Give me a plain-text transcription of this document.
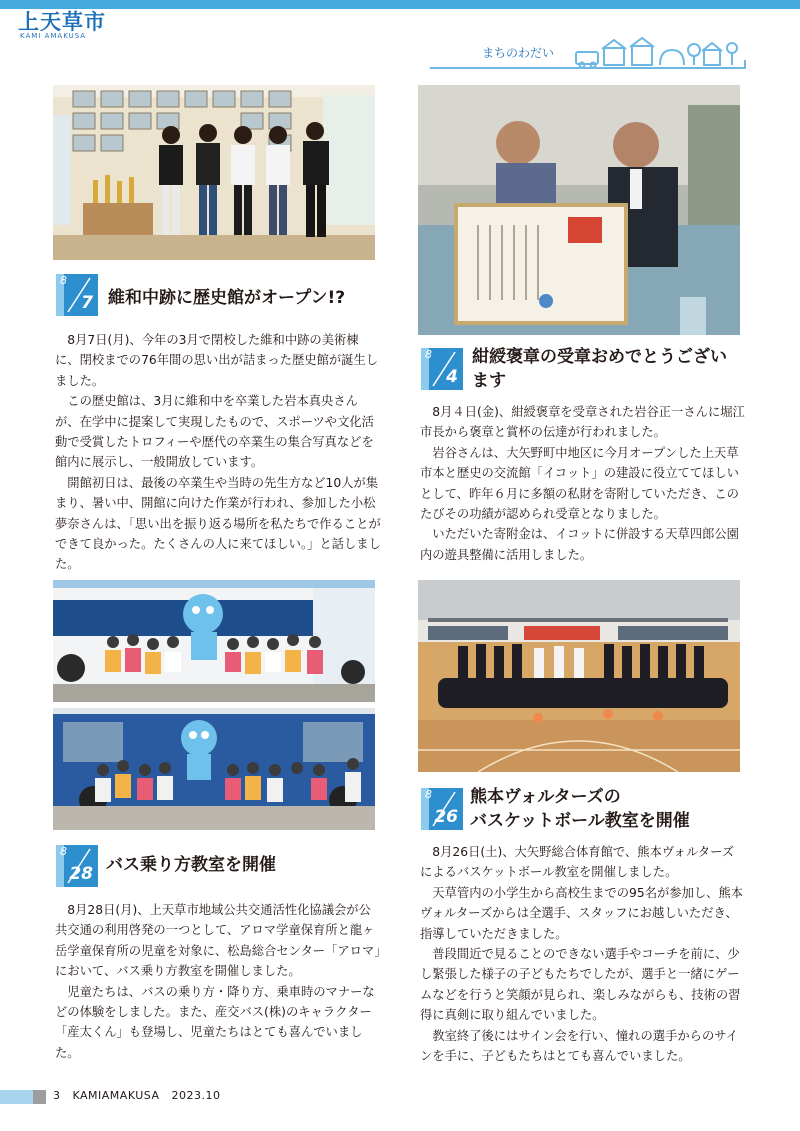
上天草市
KAMI AMAKUSA
まちのわだい
8
7 維和中跡に歴史館がオープン!?

8月7日(月)、今年の3月で閉校した維和中跡の美術棟に、閉校までの76年間の思い出が詰まった歴史館が誕生しました。

この歴史館は、3月に維和中を卒業した岩本真央さんが、在学中に提案して実現したもので、スポーツや文化活動で受賞したトロフィーや歴代の卒業生の集合写真などを館内に展示し、一般開放しています。

開館初日は、最後の卒業生や当時の先生方など10人が集まり、暑い中、開館に向けた作業が行われ、参加した小松夢奈さんは、「思い出を振り返る場所を私たちで作ることができて良かった。たくさんの人に来てほしい。」と話しました。

8
4
紺綬褒章の受章おめでとうございます

8月４日(金)、紺綬褒章を受章された岩谷正一さんに堀江市長から褒章と賞杯の伝達が行われました。

岩谷さんは、大矢野町中地区に今月オープンした上天草市本と歴史の交流館「イコット」の建設に役立ててほしいとして、昨年６月に多額の私財を寄附していただき、このたびその功績が認められ受章となりました。

いただいた寄附金は、イコットに併設する天草四郎公園内の遊具整備に活用しました。

8
28 バス乗り方教室を開催

8月28日(月)、上天草市地域公共交通活性化協議会が公共交通の利用啓発の一つとして、アロマ学童保育所と龍ヶ岳学童保育所の児童を対象に、松島総合センター「アロマ」において、バス乗り方教室を開催しました。

児童たちは、バスの乗り方・降り方、乗車時のマナーなどの体験をしました。また、産交バス(株)のキャラクター「産太くん」も登場し、児童たちはとても喜んでいました。

8
26
熊本ヴォルターズの
バスケットボール教室を開催

8月26日(土)、大矢野総合体育館で、熊本ヴォルターズによるバスケットボール教室を開催しました。

天草管内の小学生から高校生までの95名が参加し、熊本ヴォルターズからは全選手、スタッフにお越しいただき、指導していただきました。

普段間近で見ることのできない選手やコーチを前に、少し緊張した様子の子どもたちでしたが、選手と一緒にゲームなどを行うと笑顔が見られ、楽しみながらも、技術の習得に真剣に取り組んでいました。

教室終了後にはサイン会を行い、憧れの選手からのサインを手に、子どもたちはとても喜んでいました。

3 KAMIAMAKUSA 2023.10
